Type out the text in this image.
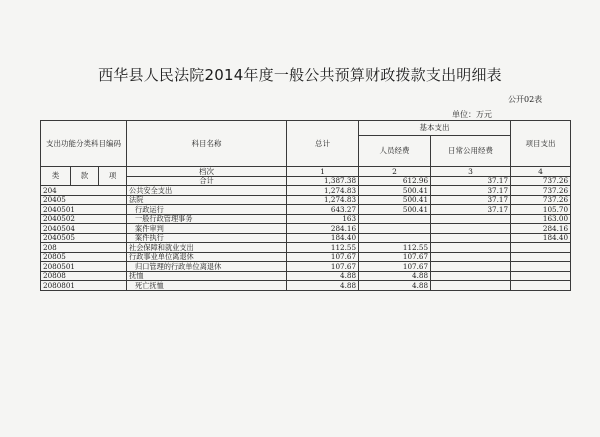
西华县人民法院2014年度一般公共预算财政拨款支出明细表
公开02表
单位：万元
支出功能分类科目编码			科目名称	总计	基本支出		项目支出
					人员经费	日常公用经费	

类	款	项	档次	1	2	3	4
			合计	1,387.38	612.96	37.17	737.26
204			公共安全支出	1,274.83	500.41	37.17	737.26
20405			法院	1,274.83	500.41	37.17	737.26
2040501			行政运行	643.27	500.41	37.17	105.70
2040502			一般行政管理事务	163			163.00
2040504			案件审判	284.16			284.16
2040505			案件执行	184.40			184.40
208			社会保障和就业支出	112.55	112.55		
20805			行政事业单位离退休	107.67	107.67		
2080501			归口管理的行政单位离退休	107.67	107.67		
20808			抚恤	4.88	4.88		
2080801			死亡抚恤	4.88	4.88		
